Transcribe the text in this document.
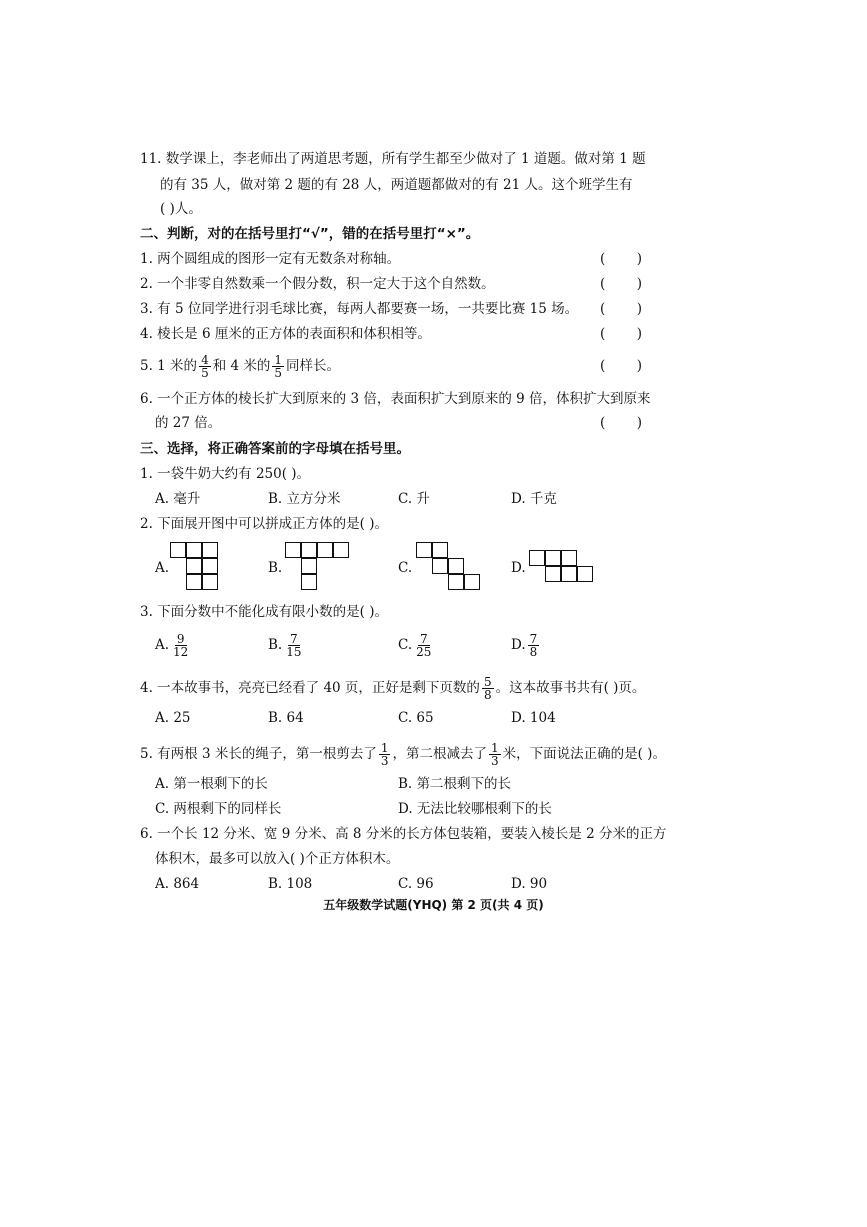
11. 数学课上，李老师出了两道思考题，所有学生都至少做对了 1 道题。做对第 1 题
的有 35 人，做对第 2 题的有 28 人，两道题都做对的有 21 人。这个班学生有
( )人。
二、判断，对的在括号里打“√”，错的在括号里打“×”。
1. 两个圆组成的图形一定有无数条对称轴。	( )
2. 一个非零自然数乘一个假分数，积一定大于这个自然数。	( )
3. 有 5 位同学进行羽毛球比赛，每两人都要赛一场，一共要比赛 15 场。 ( )
4. 棱长是 6 厘米的正方体的表面积和体积相等。	( )
5. 1 米的 $\frac{4}{5}$ 和 4 米的 $\frac{1}{5}$ 同样长。	( )
6. 一个正方体的棱长扩大到原来的 3 倍，表面积扩大到原来的 9 倍，体积扩大到原来
的 27 倍。	( )
三、选择，将正确答案前的字母填在括号里。
1. 一袋牛奶大约有 250( )。
A. 毫升	B. 立方分米	C. 升	D. 千克
2. 下面展开图中可以拼成正方体的是( )。
A.	B.	C.	D.
3. 下面分数中不能化成有限小数的是( )。
A. $\frac{9}{12}$	B. $\frac{7}{15}$	C. $\frac{7}{25}$	D. $\frac{7}{8}$
4. 一本故事书，亮亮已经看了 40 页，正好是剩下页数的 $\frac{5}{8}$ 。这本故事书共有( )页。
A. 25	B. 64	C. 65	D. 104
5. 有两根 3 米长的绳子，第一根剪去了 $\frac{1}{3}$ ，第二根减去了 $\frac{1}{3}$ 米，下面说法正确的是( )。
A. 第一根剩下的长	B. 第二根剩下的长
C. 两根剩下的同样长	D. 无法比较哪根剩下的长
6. 一个长 12 分米、宽 9 分米、高 8 分米的长方体包装箱，要装入棱长是 2 分米的正方
体积木，最多可以放入( )个正方体积木。
A. 864	B. 108	C. 96	D. 90
五年级数学试题(YHQ) 第 2 页(共 4 页)
